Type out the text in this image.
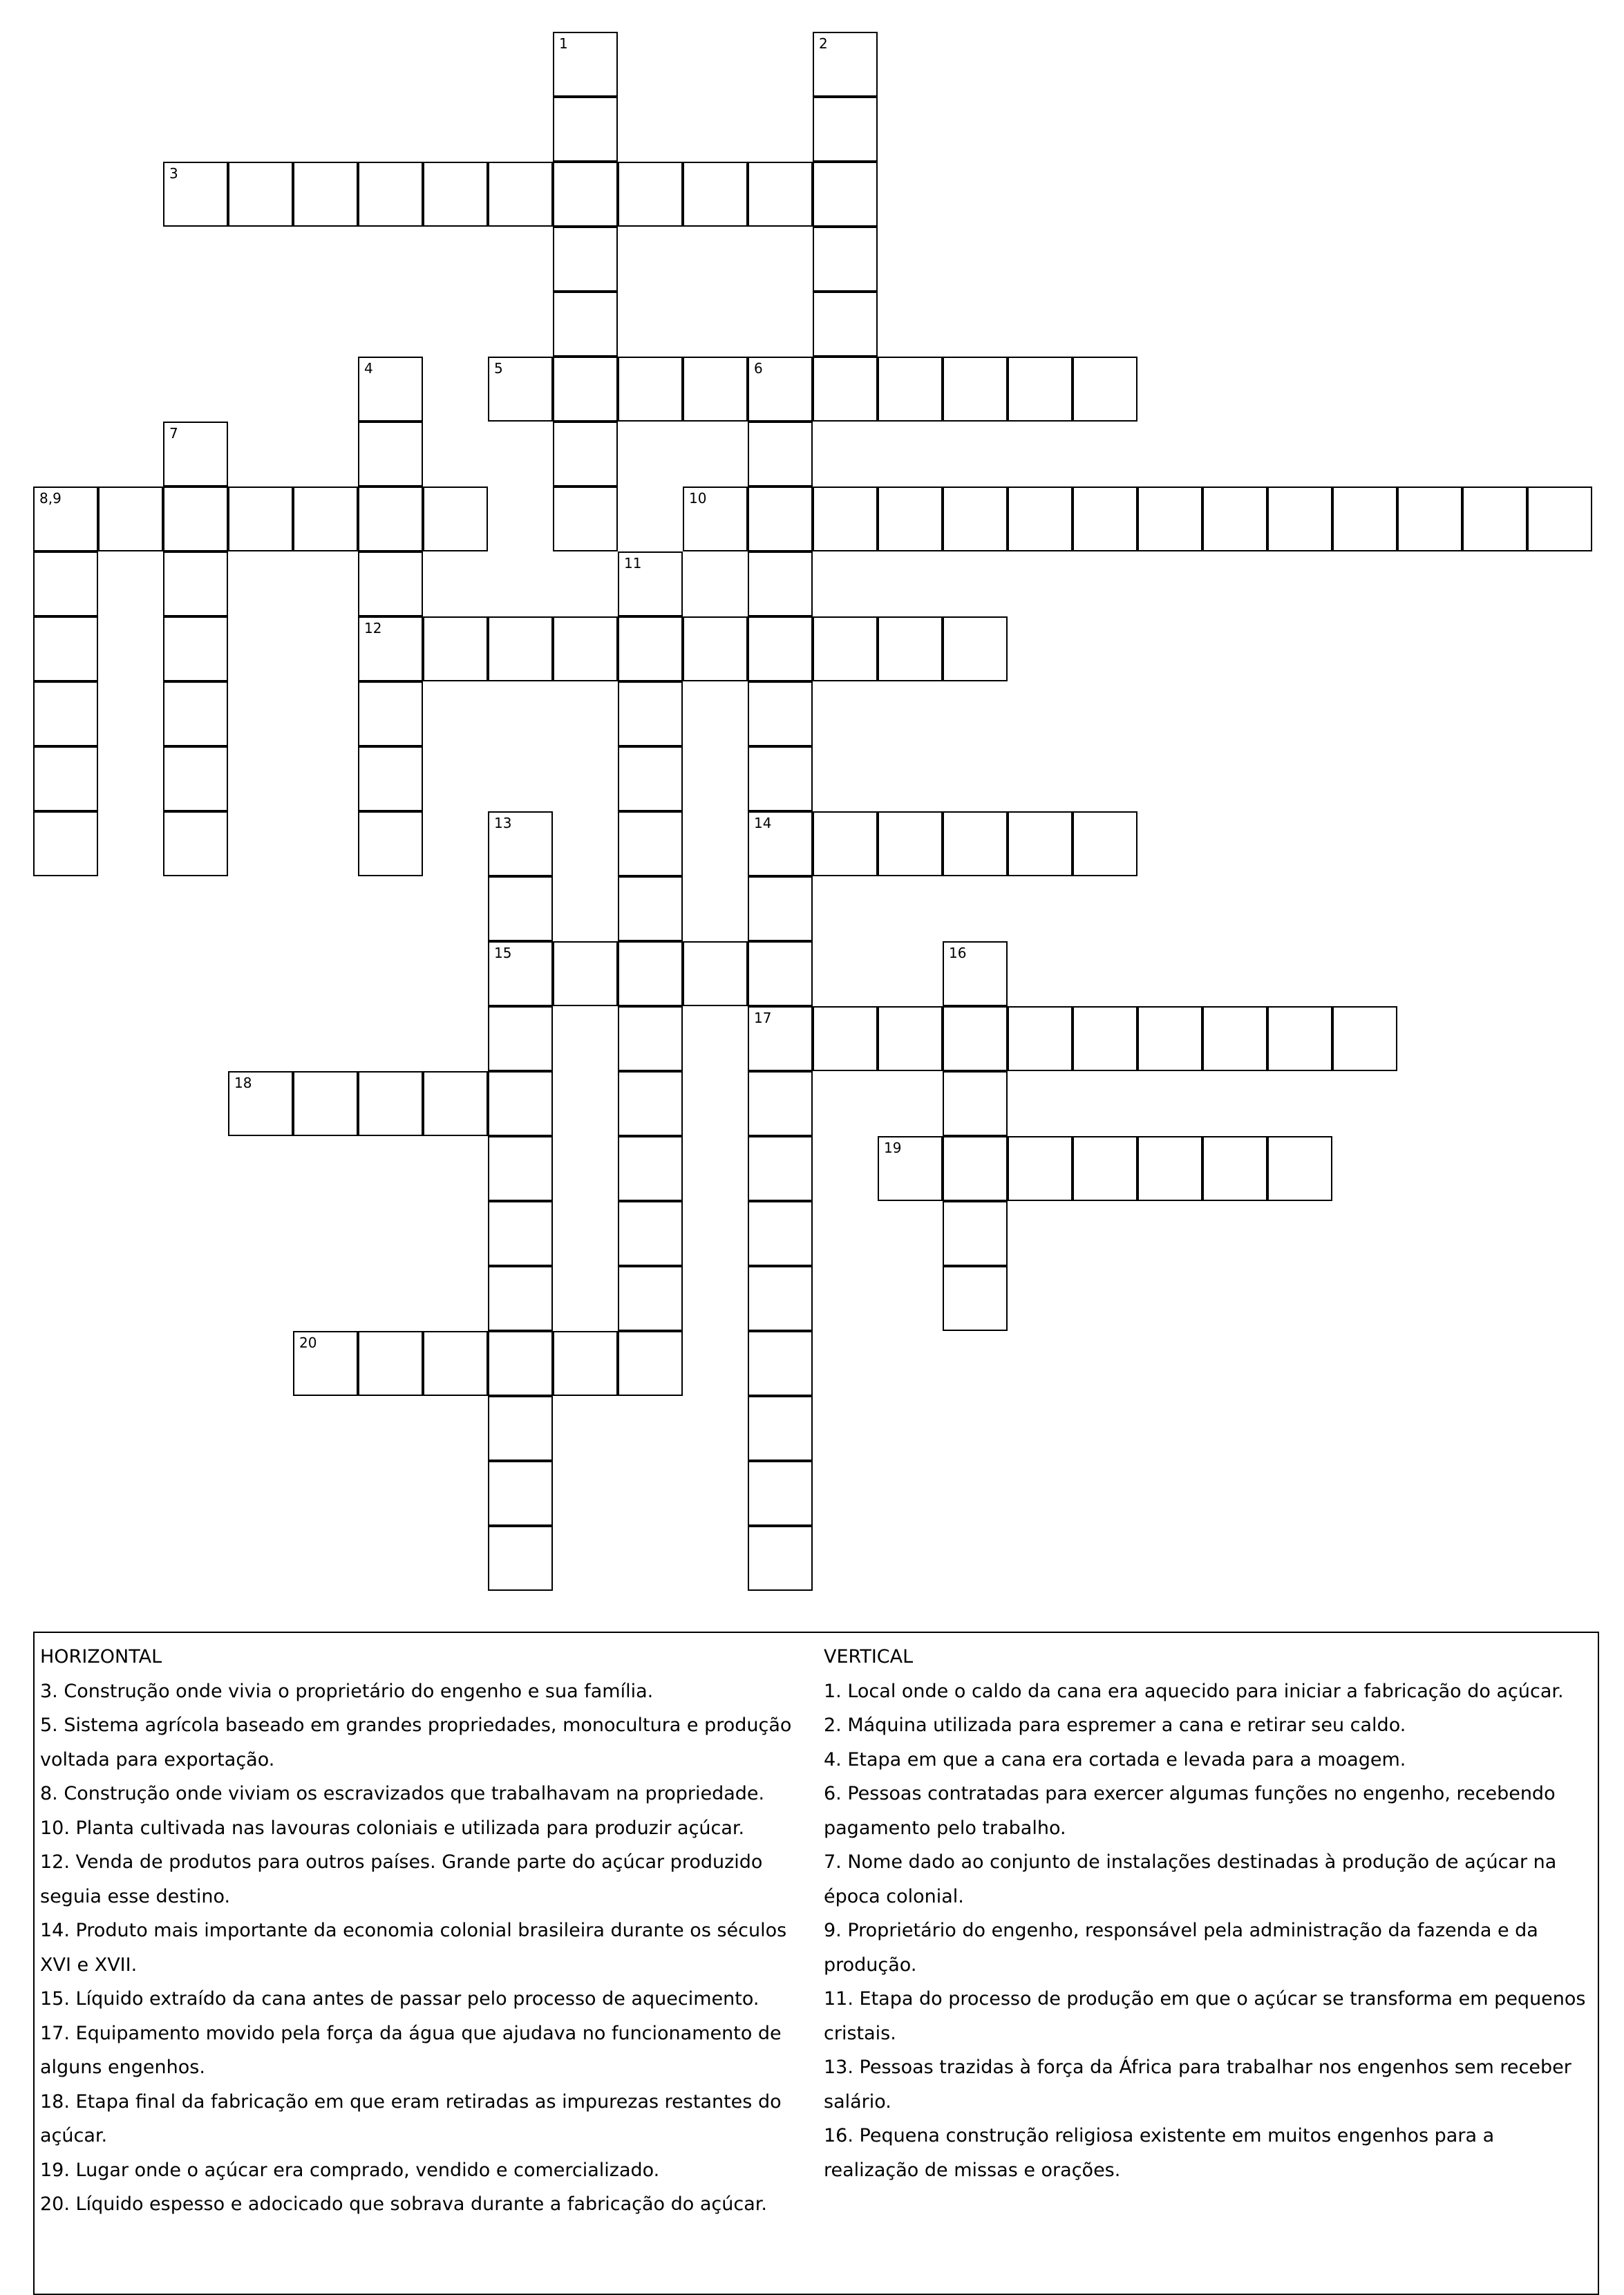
1	2
3
4
12
5	6
14
7
8,9	10
11
13
15	16
17
18
19
20
HORIZONTAL
3. Construção onde vivia o proprietário do engenho e sua família.
5. Sistema agrícola baseado em grandes propriedades, monocultura e produção voltada para exportação.
8. Construção onde viviam os escravizados que trabalhavam na propriedade.
10. Planta cultivada nas lavouras coloniais e utilizada para produzir açúcar.
12. Venda de produtos para outros países. Grande parte do açúcar produzido seguia esse destino.
14. Produto mais importante da economia colonial brasileira durante os séculos XVI e XVII.
15. Líquido extraído da cana antes de passar pelo processo de aquecimento.
17. Equipamento movido pela força da água que ajudava no funcionamento de alguns engenhos.
18. Etapa final da fabricação em que eram retiradas as impurezas restantes do açúcar.
19. Lugar onde o açúcar era comprado, vendido e comercializado.
20. Líquido espesso e adocicado que sobrava durante a fabricação do açúcar.
VERTICAL
1. Local onde o caldo da cana era aquecido para iniciar a fabricação do açúcar.
2. Máquina utilizada para espremer a cana e retirar seu caldo.
4. Etapa em que a cana era cortada e levada para a moagem.
6. Pessoas contratadas para exercer algumas funções no engenho, recebendo pagamento pelo trabalho.
7. Nome dado ao conjunto de instalações destinadas à produção de açúcar na época colonial.
9. Proprietário do engenho, responsável pela administração da fazenda e da produção.
11. Etapa do processo de produção em que o açúcar se transforma em pequenos cristais.
13. Pessoas trazidas à força da África para trabalhar nos engenhos sem receber salário.
16. Pequena construção religiosa existente em muitos engenhos para a realização de missas e orações.
